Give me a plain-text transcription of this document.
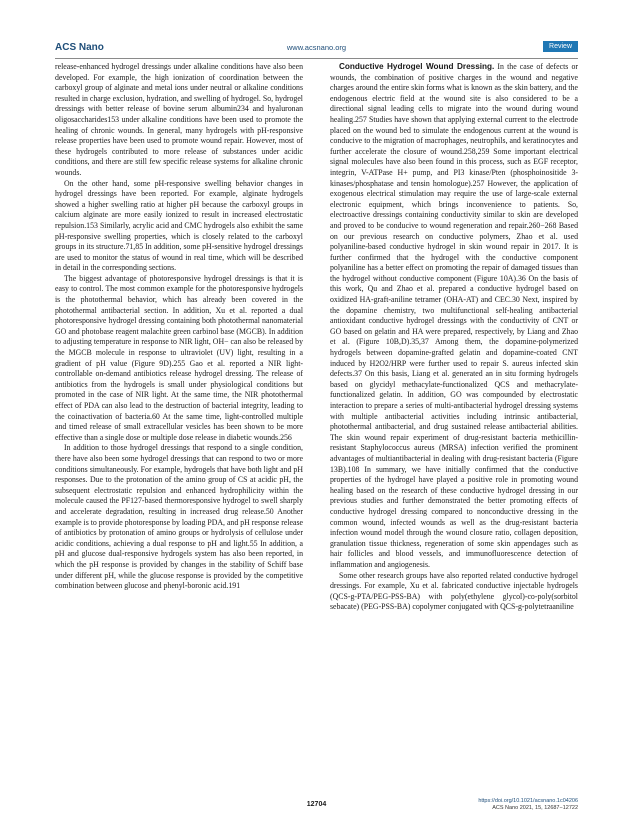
ACS Nano	www.acsnano.org	Review

release-enhanced hydrogel dressings under alkaline conditions have also been developed. For example, the high ionization of coordination between the carboxyl group of alginate and metal ions under neutral or alkaline conditions resulted in charge exclusion, hydration, and swelling of hydrogel. So, hydrogel dressings with better release of bovine serum albumin234 and hyaluronan oligosaccharides153 under alkaline conditions have been used to promote the healing of chronic wounds. In general, many hydrogels with pH-responsive release properties have been used to promote wound repair. However, most of these hydrogels contributed to more release of substances under acidic conditions, and there are still few specific release systems for alkaline chronic wounds.

On the other hand, some pH-responsive swelling behavior changes in hydrogel dressings have been reported. For example, alginate hydrogels showed a higher swelling ratio at higher pH because the carboxyl groups in calcium alginate are more easily ionized to result in increased electrostatic repulsion.153 Similarly, acrylic acid and CMC hydrogels also exhibit the same pH-responsive swelling properties, which is closely related to the carboxyl groups in its structure.71,85 In addition, some pH-sensitive hydrogel dressings are used to monitor the status of wound in real time, which will be described in detail in the corresponding sections.

The biggest advantage of photoresponsive hydrogel dressings is that it is easy to control. The most common example for the photoresponsive hydrogels is the photothermal behavior, which has already been covered in the photothermal antibacterial section. In addition, Xu et al. reported a dual photoresponsive hydrogel dressing containing both photothermal nanomaterial GO and photobase reagent malachite green carbinol base (MGCB). In addition to adjusting temperature in response to NIR light, OH− can also be released by the MGCB molecule in response to ultraviolet (UV) light, resulting in a gradient of pH value (Figure 9D).255 Gao et al. reported a NIR light-controllable on-demand antibiotics release hydrogel dressing. The release of antibiotics from the hydrogels is small under physiological conditions but promoted in the case of NIR light. At the same time, the NIR photothermal effect of PDA can also lead to the destruction of bacterial integrity, leading to the coinactivation of bacteria.60 At the same time, light-controlled multiple and timed release of small extracellular vesicles has been shown to be more effective than a single dose or multiple dose release in diabetic wounds.256

In addition to those hydrogel dressings that respond to a single condition, there have also been some hydrogel dressings that can respond to two or more conditions simultaneously. For example, hydrogels that have both light and pH responses. Due to the protonation of the amino group of CS at acidic pH, the subsequent electrostatic repulsion and enhanced hydrophilicity within the molecule caused the PF127-based thermoresponsive hydrogel to swell sharply and accelerate degradation, resulting in increased drug release.50 Another example is to provide photoresponse by loading PDA, and pH response release of antibiotics by protonation of amino groups or hydrolysis of cellulose under acidic conditions, achieving a dual response to pH and light.55 In addition, a pH and glucose dual-responsive hydrogels system has also been reported, in which the pH response is provided by changes in the stability of Schiff base under different pH, while the glucose response is provided by the competitive combination between glucose and phenyl-boronic acid.191

Conductive Hydrogel Wound Dressing. In the case of defects or wounds, the combination of positive charges in the wound and negative charges around the entire skin forms what is known as the skin battery, and the endogenous electric field at the wound site is also considered to be a directional signal leading cells to migrate into the wound during wound healing.257 Studies have shown that applying external current to the electrode placed on the wound bed to simulate the endogenous current at the wound is conducive to the migration of macrophages, neutrophils, and keratinocytes and further accelerate the closure of wound.258,259 Some important electrical signal molecules have also been found in this process, such as EGF receptor, integrin, V-ATPase H+ pump, and PI3 kinase/Pten (phosphoinositide 3-kinases/phosphatase and tensin homologue).257 However, the application of exogenous electrical stimulation may require the use of large-scale external electronic equipment, which brings inconvenience to patients. So, electroactive dressings containing conductivity similar to skin are developed and proved to be conducive to wound regeneration and repair.260−268 Based on our previous research on conductive polymers, Zhao et al. used polyaniline-based conductive hydrogel in skin wound repair in 2017. It is further confirmed that the hydrogel with the conductive component polyaniline has a better effect on promoting the repair of damaged tissues than the hydrogel without conductive component (Figure 10A).36 On the basis of this work, Qu and Zhao et al. prepared a conductive hydrogel based on oxidized HA-graft-aniline tetramer (OHA-AT) and CEC.30 Next, inspired by the dopamine chemistry, two multifunctional self-healing antibacterial antioxidant conductive hydrogel dressings with the conductivity of CNT or GO based on gelatin and HA were prepared, respectively, by Liang and Zhao et al. (Figure 10B,D).35,37 Among them, the dopamine-polymerized hydrogels between dopamine-grafted gelatin and dopamine-coated CNT induced by H2O2/HRP were further used to repair S. aureus infected skin defects.37 On this basis, Liang et al. generated an in situ forming hydrogels based on glycidyl methacylate-functionalized QCS and methacrylate-functionalized gelatin. In addition, GO was compounded by electrostatic interaction to prepare a series of multi-antibacterial hydrogel dressing systems with multiple antibacterial activities including intrinsic antibacterial, photothermal antibacterial, and drug sustained release antibacterial abilities. The skin wound repair experiment of drug-resistant bacteria methicillin-resistant Staphylococcus aureus (MRSA) infection verified the prominent advantages of multiantibacterial in dealing with drug-resistant bacteria (Figure 13B).108 In summary, we have initially confirmed that the conductive properties of the hydrogel have played a positive role in promoting wound healing based on the research of these conductive hydrogel dressing in our previous studies and further demonstrated the better promoting effects of conductive hydrogel dressing compared to nonconductive dressing in the common wound, infected wounds as well as the drug-resistant bacteria infection wound model through the wound closure ratio, collagen deposition, granulation tissue thickness, regeneration of some skin appendages such as hair follicles and blood vessels, and immunofluorescence detection of inflammation and angiogenesis.

Some other research groups have also reported related conductive hydrogel dressings. For example, Xu et al. fabricated conductive injectable hydrogels (QCS-g-PTA/PEG-PSS-BA) with poly(ethylene glycol)-co-poly(sorbitol sebacate) (PEG-PSS-BA) copolymer conjugated with QCS-g-polytetraaniline

12704	https://doi.org/10.1021/acsnano.1c04206
ACS Nano 2021, 15, 12687−12722
